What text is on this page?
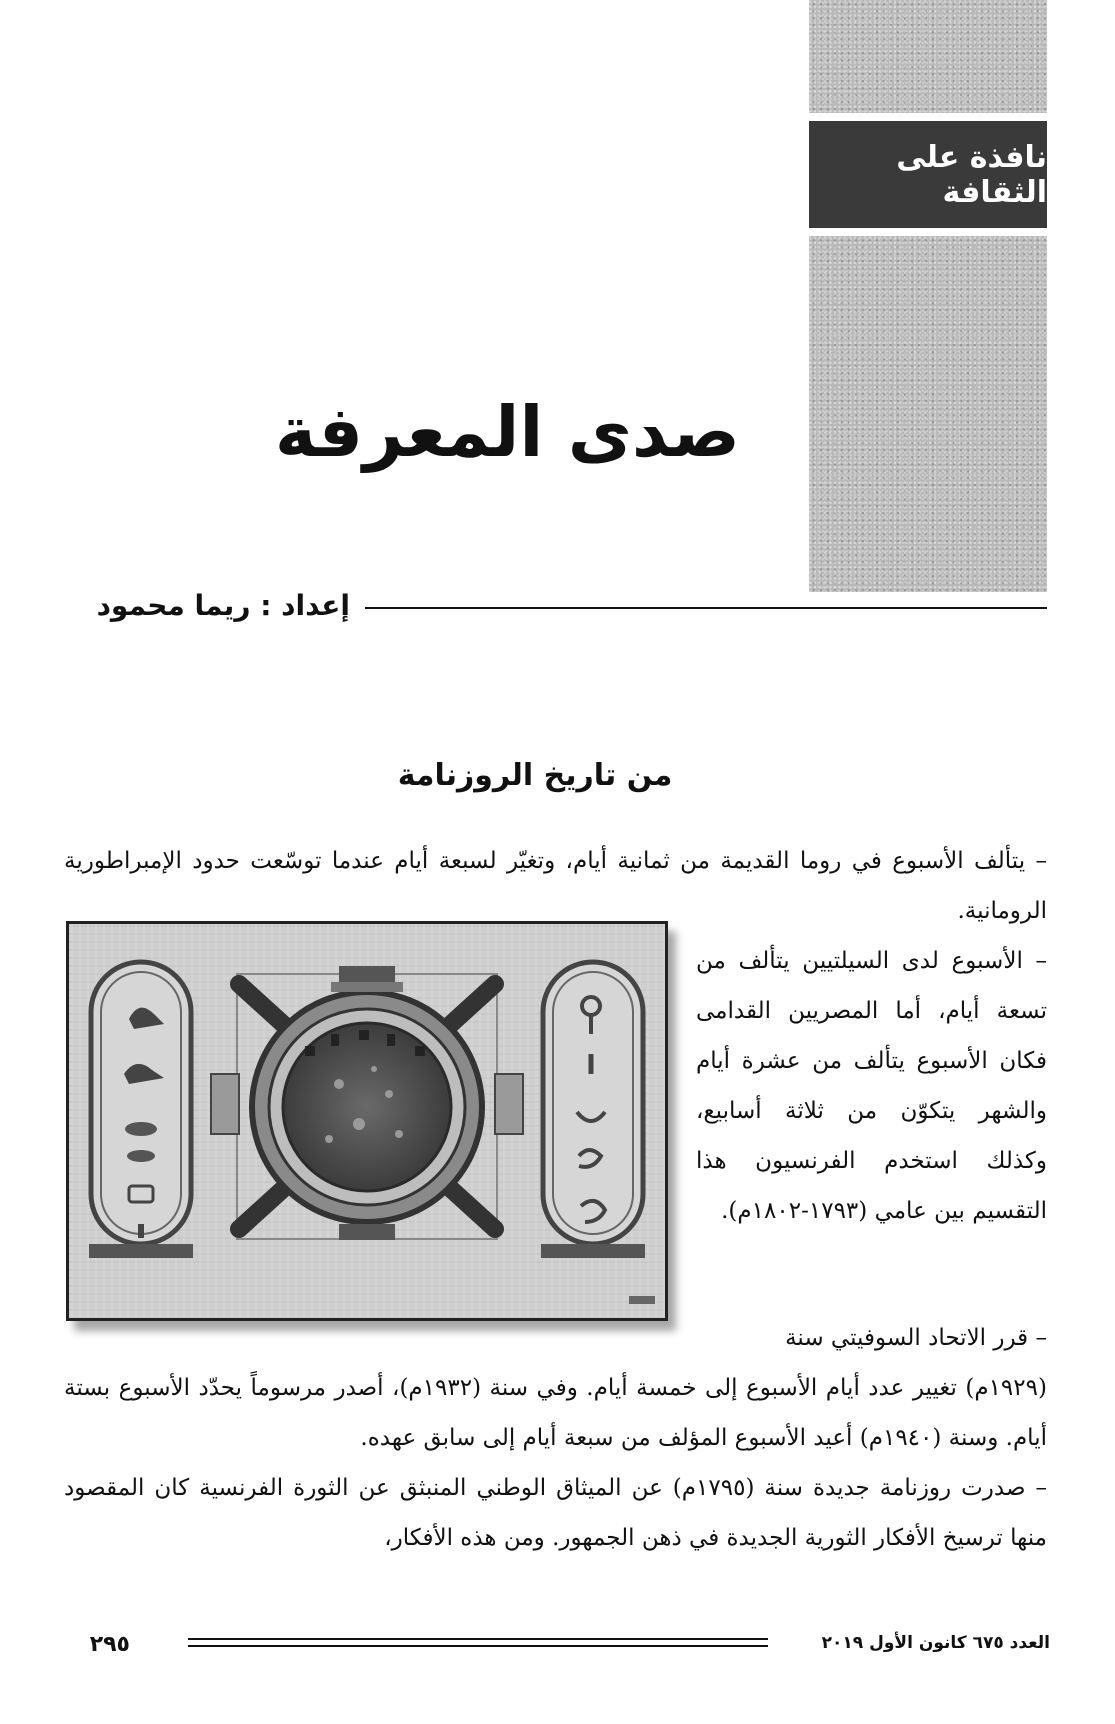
نافذة على الثقافة
صدى المعرفة
إعداد : ريما محمود
من تاريخ الروزنامة

– يتألف الأسبوع في روما القديمة من ثمانية أيام، وتغيّر لسبعة أيام عندما توسّعت حدود الإمبراطورية الرومانية.

– الأسبوع لدى السيلتيين يتألف من تسعة أيام، أما المصريين القدامى فكان الأسبوع يتألف من عشرة أيام والشهر يتكوّن من ثلاثة أسابيع، وكذلك استخدم الفرنسيون هذا التقسيم بين عامي (١٧٩٣-١٨٠٢م).

– قرر الاتحاد السوفيتي سنة

(١٩٢٩م) تغيير عدد أيام الأسبوع إلى خمسة أيام. وفي سنة (١٩٣٢م)، أصدر مرسوماً يحدّد الأسبوع بستة أيام. وسنة (١٩٤٠م) أعيد الأسبوع المؤلف من سبعة أيام إلى سابق عهده.

– صدرت روزنامة جديدة سنة (١٧٩٥م) عن الميثاق الوطني المنبثق عن الثورة الفرنسية كان المقصود منها ترسيخ الأفكار الثورية الجديدة في ذهن الجمهور. ومن هذه الأفكار،

٢٩٥	العدد ٦٧٥ كانون الأول ٢٠١٩
